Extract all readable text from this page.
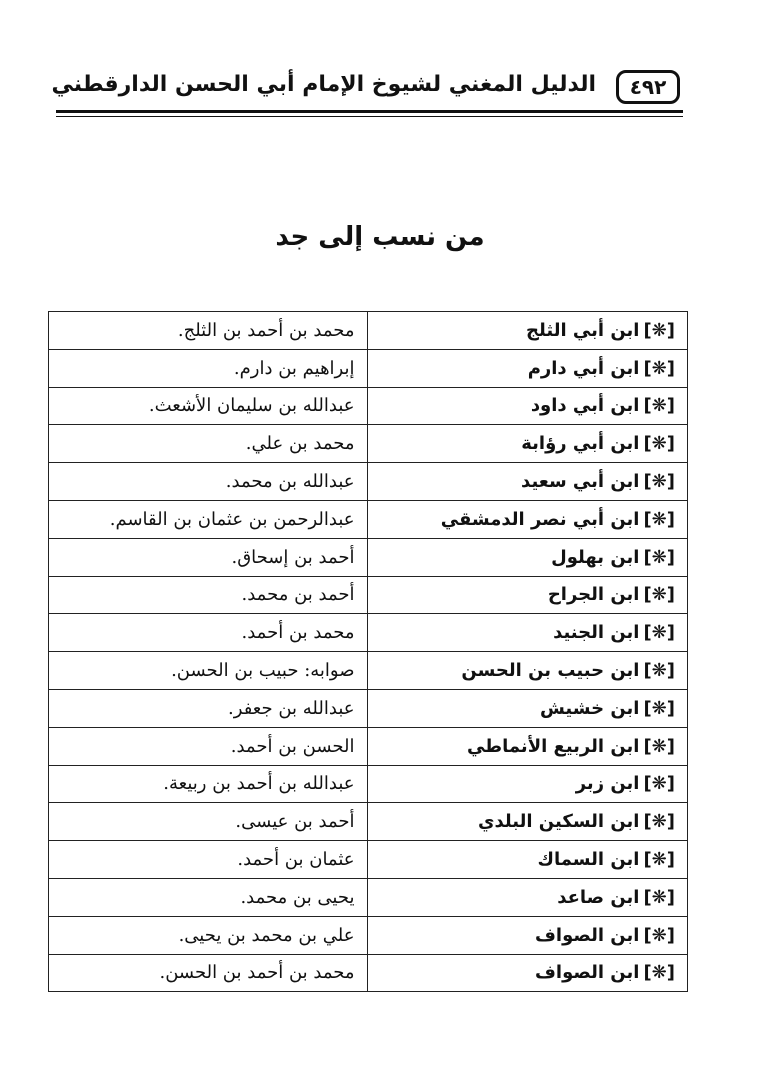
٤٩٢
الدليل المغني لشيوخ الإمام أبي الحسن الدارقطني
من نسب إلى جد
[❋]ابن أبي الثلج	محمد بن أحمد بن الثلج.
[❋]ابن أبي دارم	إبراهيم بن دارم.
[❋]ابن أبي داود	عبدالله بن سليمان الأشعث.
[❋]ابن أبي رؤابة	محمد بن علي.
[❋]ابن أبي سعيد	عبدالله بن محمد.
[❋]ابن أبي نصر الدمشقي	عبدالرحمن بن عثمان بن القاسم.
[❋]ابن بهلول	أحمد بن إسحاق.
[❋]ابن الجراح	أحمد بن محمد.
[❋]ابن الجنيد	محمد بن أحمد.
[❋]ابن حبيب بن الحسن	صوابه: حبيب بن الحسن.
[❋]ابن خشيش	عبدالله بن جعفر.
[❋]ابن الربيع الأنماطي	الحسن بن أحمد.
[❋]ابن زبر	عبدالله بن أحمد بن ربيعة.
[❋]ابن السكين البلدي	أحمد بن عيسى.
[❋]ابن السماك	عثمان بن أحمد.
[❋]ابن صاعد	يحيى بن محمد.
[❋]ابن الصواف	علي بن محمد بن يحيى.
[❋]ابن الصواف	محمد بن أحمد بن الحسن.
